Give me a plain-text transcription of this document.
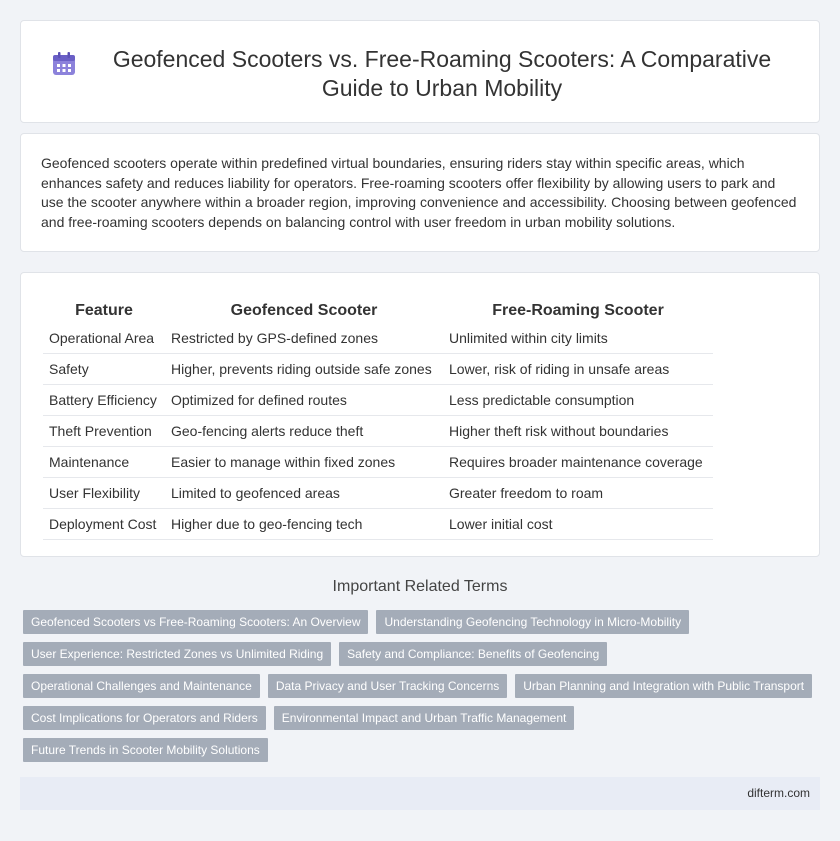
Geofenced Scooters vs. Free-Roaming Scooters: A Comparative Guide to Urban Mobility

Geofenced scooters operate within predefined virtual boundaries, ensuring riders stay within specific areas, which enhances safety and reduces liability for operators. Free-roaming scooters offer flexibility by allowing users to park and use the scooter anywhere within a broader region, improving convenience and accessibility. Choosing between geofenced and free-roaming scooters depends on balancing control with user freedom in urban mobility solutions.

Feature	Geofenced Scooter	Free-Roaming Scooter
Operational Area	Restricted by GPS-defined zones	Unlimited within city limits
Safety	Higher, prevents riding outside safe zones	Lower, risk of riding in unsafe areas
Battery Efficiency	Optimized for defined routes	Less predictable consumption
Theft Prevention	Geo-fencing alerts reduce theft	Higher theft risk without boundaries
Maintenance	Easier to manage within fixed zones	Requires broader maintenance coverage
User Flexibility	Limited to geofenced areas	Greater freedom to roam
Deployment Cost	Higher due to geo-fencing tech	Lower initial cost
Important Related Terms
Geofenced Scooters vs Free-Roaming Scooters: An Overview	Understanding Geofencing Technology in Micro-Mobility
User Experience: Restricted Zones vs Unlimited Riding	Safety and Compliance: Benefits of Geofencing
Operational Challenges and Maintenance	Data Privacy and User Tracking Concerns	Urban Planning and Integration with Public Transport
Cost Implications for Operators and Riders	Environmental Impact and Urban Traffic Management
Future Trends in Scooter Mobility Solutions
difterm.com
